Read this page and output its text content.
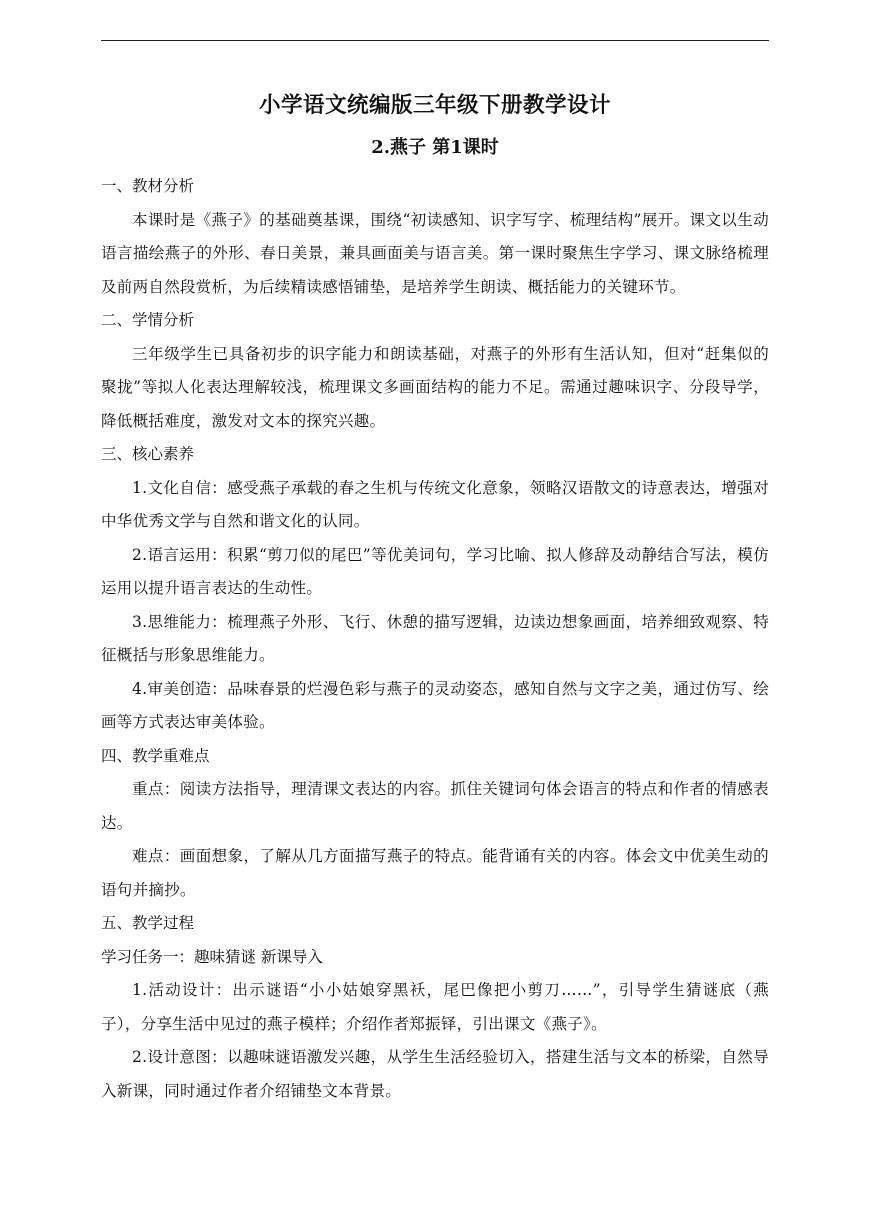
小学语文统编版三年级下册教学设计
2.燕子 第1课时

一、教材分析

本课时是《燕子》的基础奠基课，围绕“初读感知、识字写字、梳理结构”展开。课文以生动语言描绘燕子的外形、春日美景，兼具画面美与语言美。第一课时聚焦生字学习、课文脉络梳理及前两自然段赏析，为后续精读感悟铺垫，是培养学生朗读、概括能力的关键环节。

二、学情分析

三年级学生已具备初步的识字能力和朗读基础，对燕子的外形有生活认知，但对“赶集似的聚拢”等拟人化表达理解较浅，梳理课文多画面结构的能力不足。需通过趣味识字、分段导学，降低概括难度，激发对文本的探究兴趣。

三、核心素养

1.文化自信：感受燕子承载的春之生机与传统文化意象，领略汉语散文的诗意表达，增强对中华优秀文学与自然和谐文化的认同。

2.语言运用：积累“剪刀似的尾巴”等优美词句，学习比喻、拟人修辞及动静结合写法，模仿运用以提升语言表达的生动性。

3.思维能力：梳理燕子外形、飞行、休憩的描写逻辑，边读边想象画面，培养细致观察、特征概括与形象思维能力。

4.审美创造：品味春景的烂漫色彩与燕子的灵动姿态，感知自然与文字之美，通过仿写、绘画等方式表达审美体验。

四、教学重难点

重点：阅读方法指导，理清课文表达的内容。抓住关键词句体会语言的特点和作者的情感表达。

难点：画面想象，了解从几方面描写燕子的特点。能背诵有关的内容。体会文中优美生动的语句并摘抄。

五、教学过程

学习任务一：趣味猜谜 新课导入

1.活动设计：出示谜语“小小姑娘穿黑袄，尾巴像把小剪刀……”，引导学生猜谜底（燕子），分享生活中见过的燕子模样；介绍作者郑振铎，引出课文《燕子》。

2.设计意图：以趣味谜语激发兴趣，从学生生活经验切入，搭建生活与文本的桥梁，自然导入新课，同时通过作者介绍铺垫文本背景。
